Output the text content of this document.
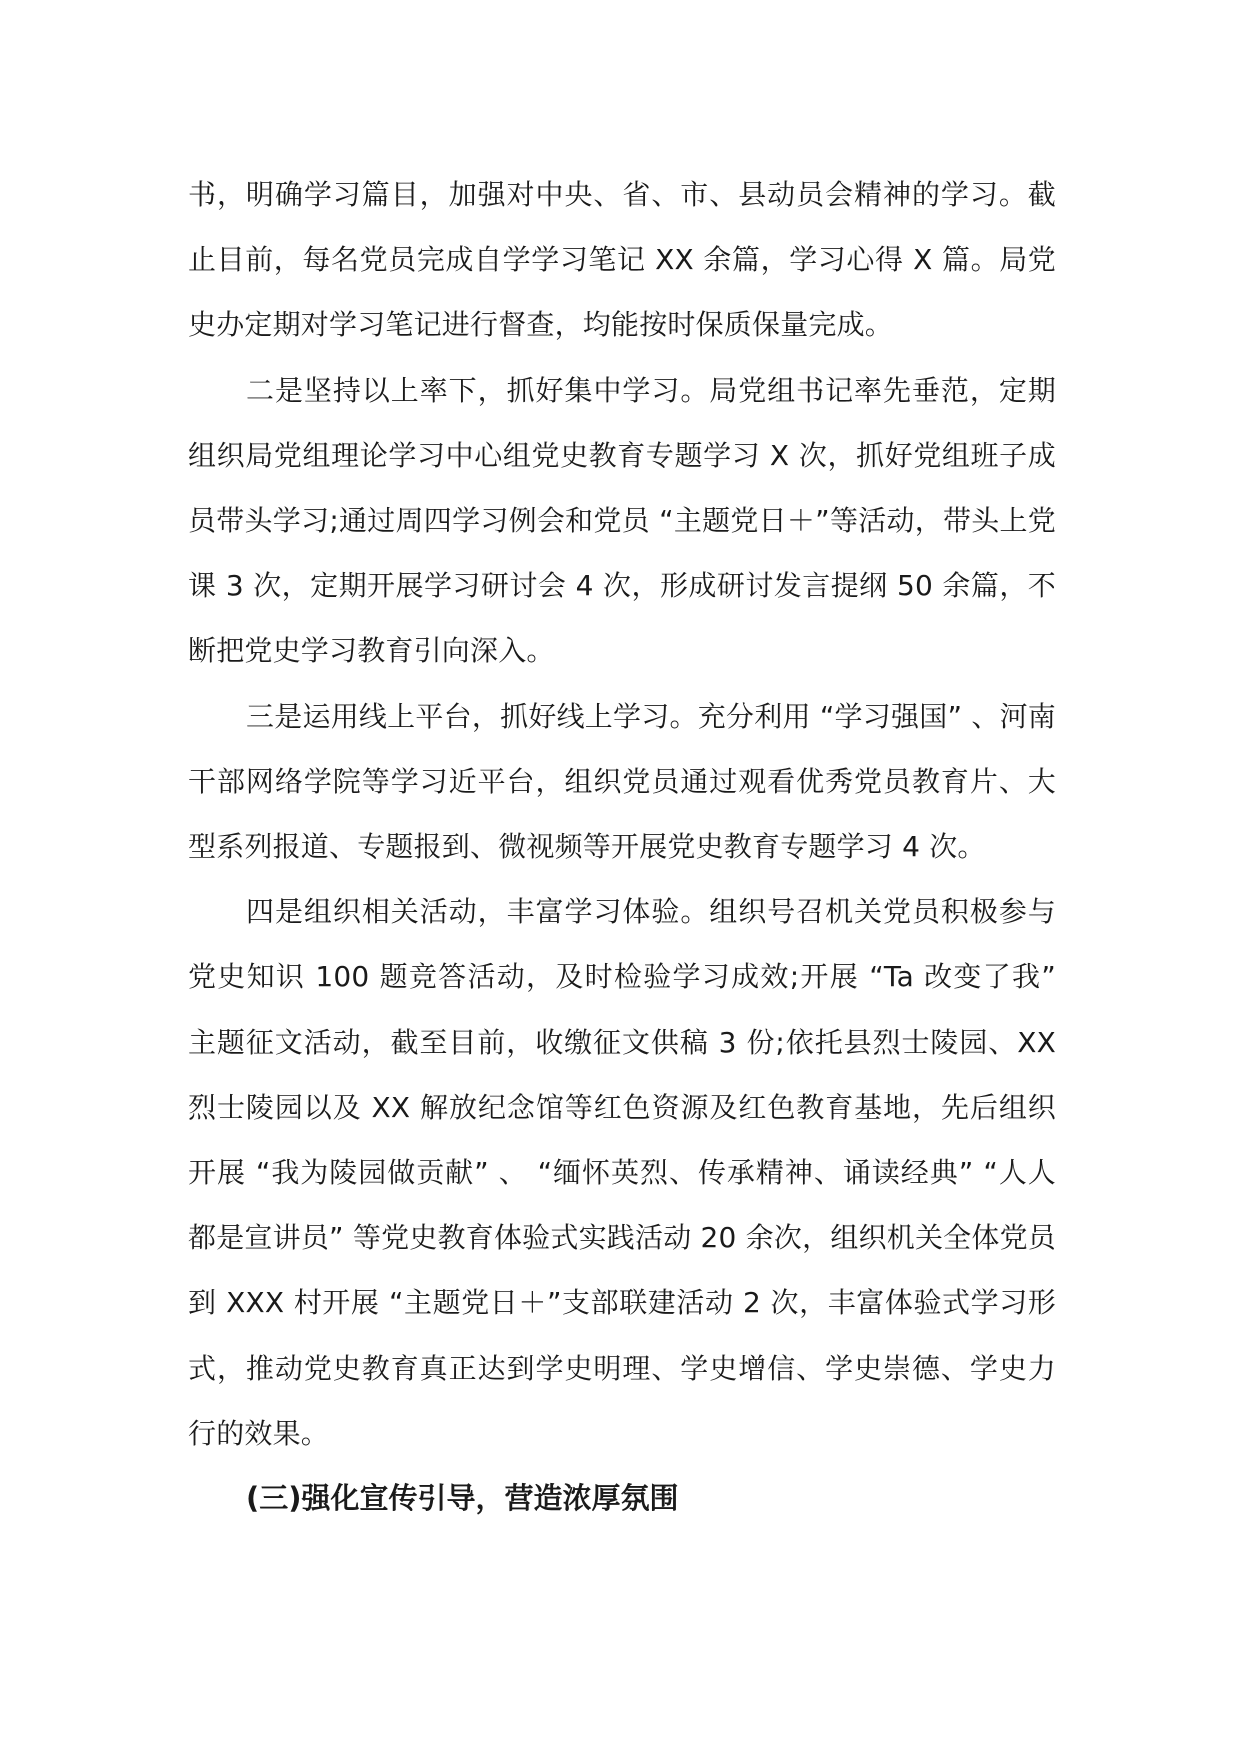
书，明确学习篇目，加强对中央、省、市、县动员会精神的学习。截止目前，每名党员完成自学学习笔记 XX 余篇，学习心得 X 篇。局党史办定期对学习笔记进行督查，均能按时保质保量完成。

二是坚持以上率下，抓好集中学习。局党组书记率先垂范，定期组织局党组理论学习中心组党史教育专题学习 X 次，抓好党组班子成员带头学习;通过周四学习例会和党员 “主题党日＋”等活动，带头上党课 3 次，定期开展学习研讨会 4 次，形成研讨发言提纲 50 余篇，不断把党史学习教育引向深入。

三是运用线上平台，抓好线上学习。充分利用 “学习强国” 、河南干部网络学院等学习近平台，组织党员通过观看优秀党员教育片、大型系列报道、专题报到、微视频等开展党史教育专题学习 4 次。

四是组织相关活动，丰富学习体验。组织号召机关党员积极参与党史知识 100 题竞答活动，及时检验学习成效;开展 “Ta 改变了我” 主题征文活动，截至目前，收缴征文供稿 3 份;依托县烈士陵园、XX 烈士陵园以及 XX 解放纪念馆等红色资源及红色教育基地，先后组织开展 “我为陵园做贡献” 、 “缅怀英烈、传承精神、诵读经典” “人人都是宣讲员” 等党史教育体验式实践活动 20 余次，组织机关全体党员到 XXX 村开展 “主题党日＋”支部联建活动 2 次，丰富体验式学习形式，推动党史教育真正达到学史明理、学史增信、学史崇德、学史力行的效果。

(三)强化宣传引导，营造浓厚氛围
